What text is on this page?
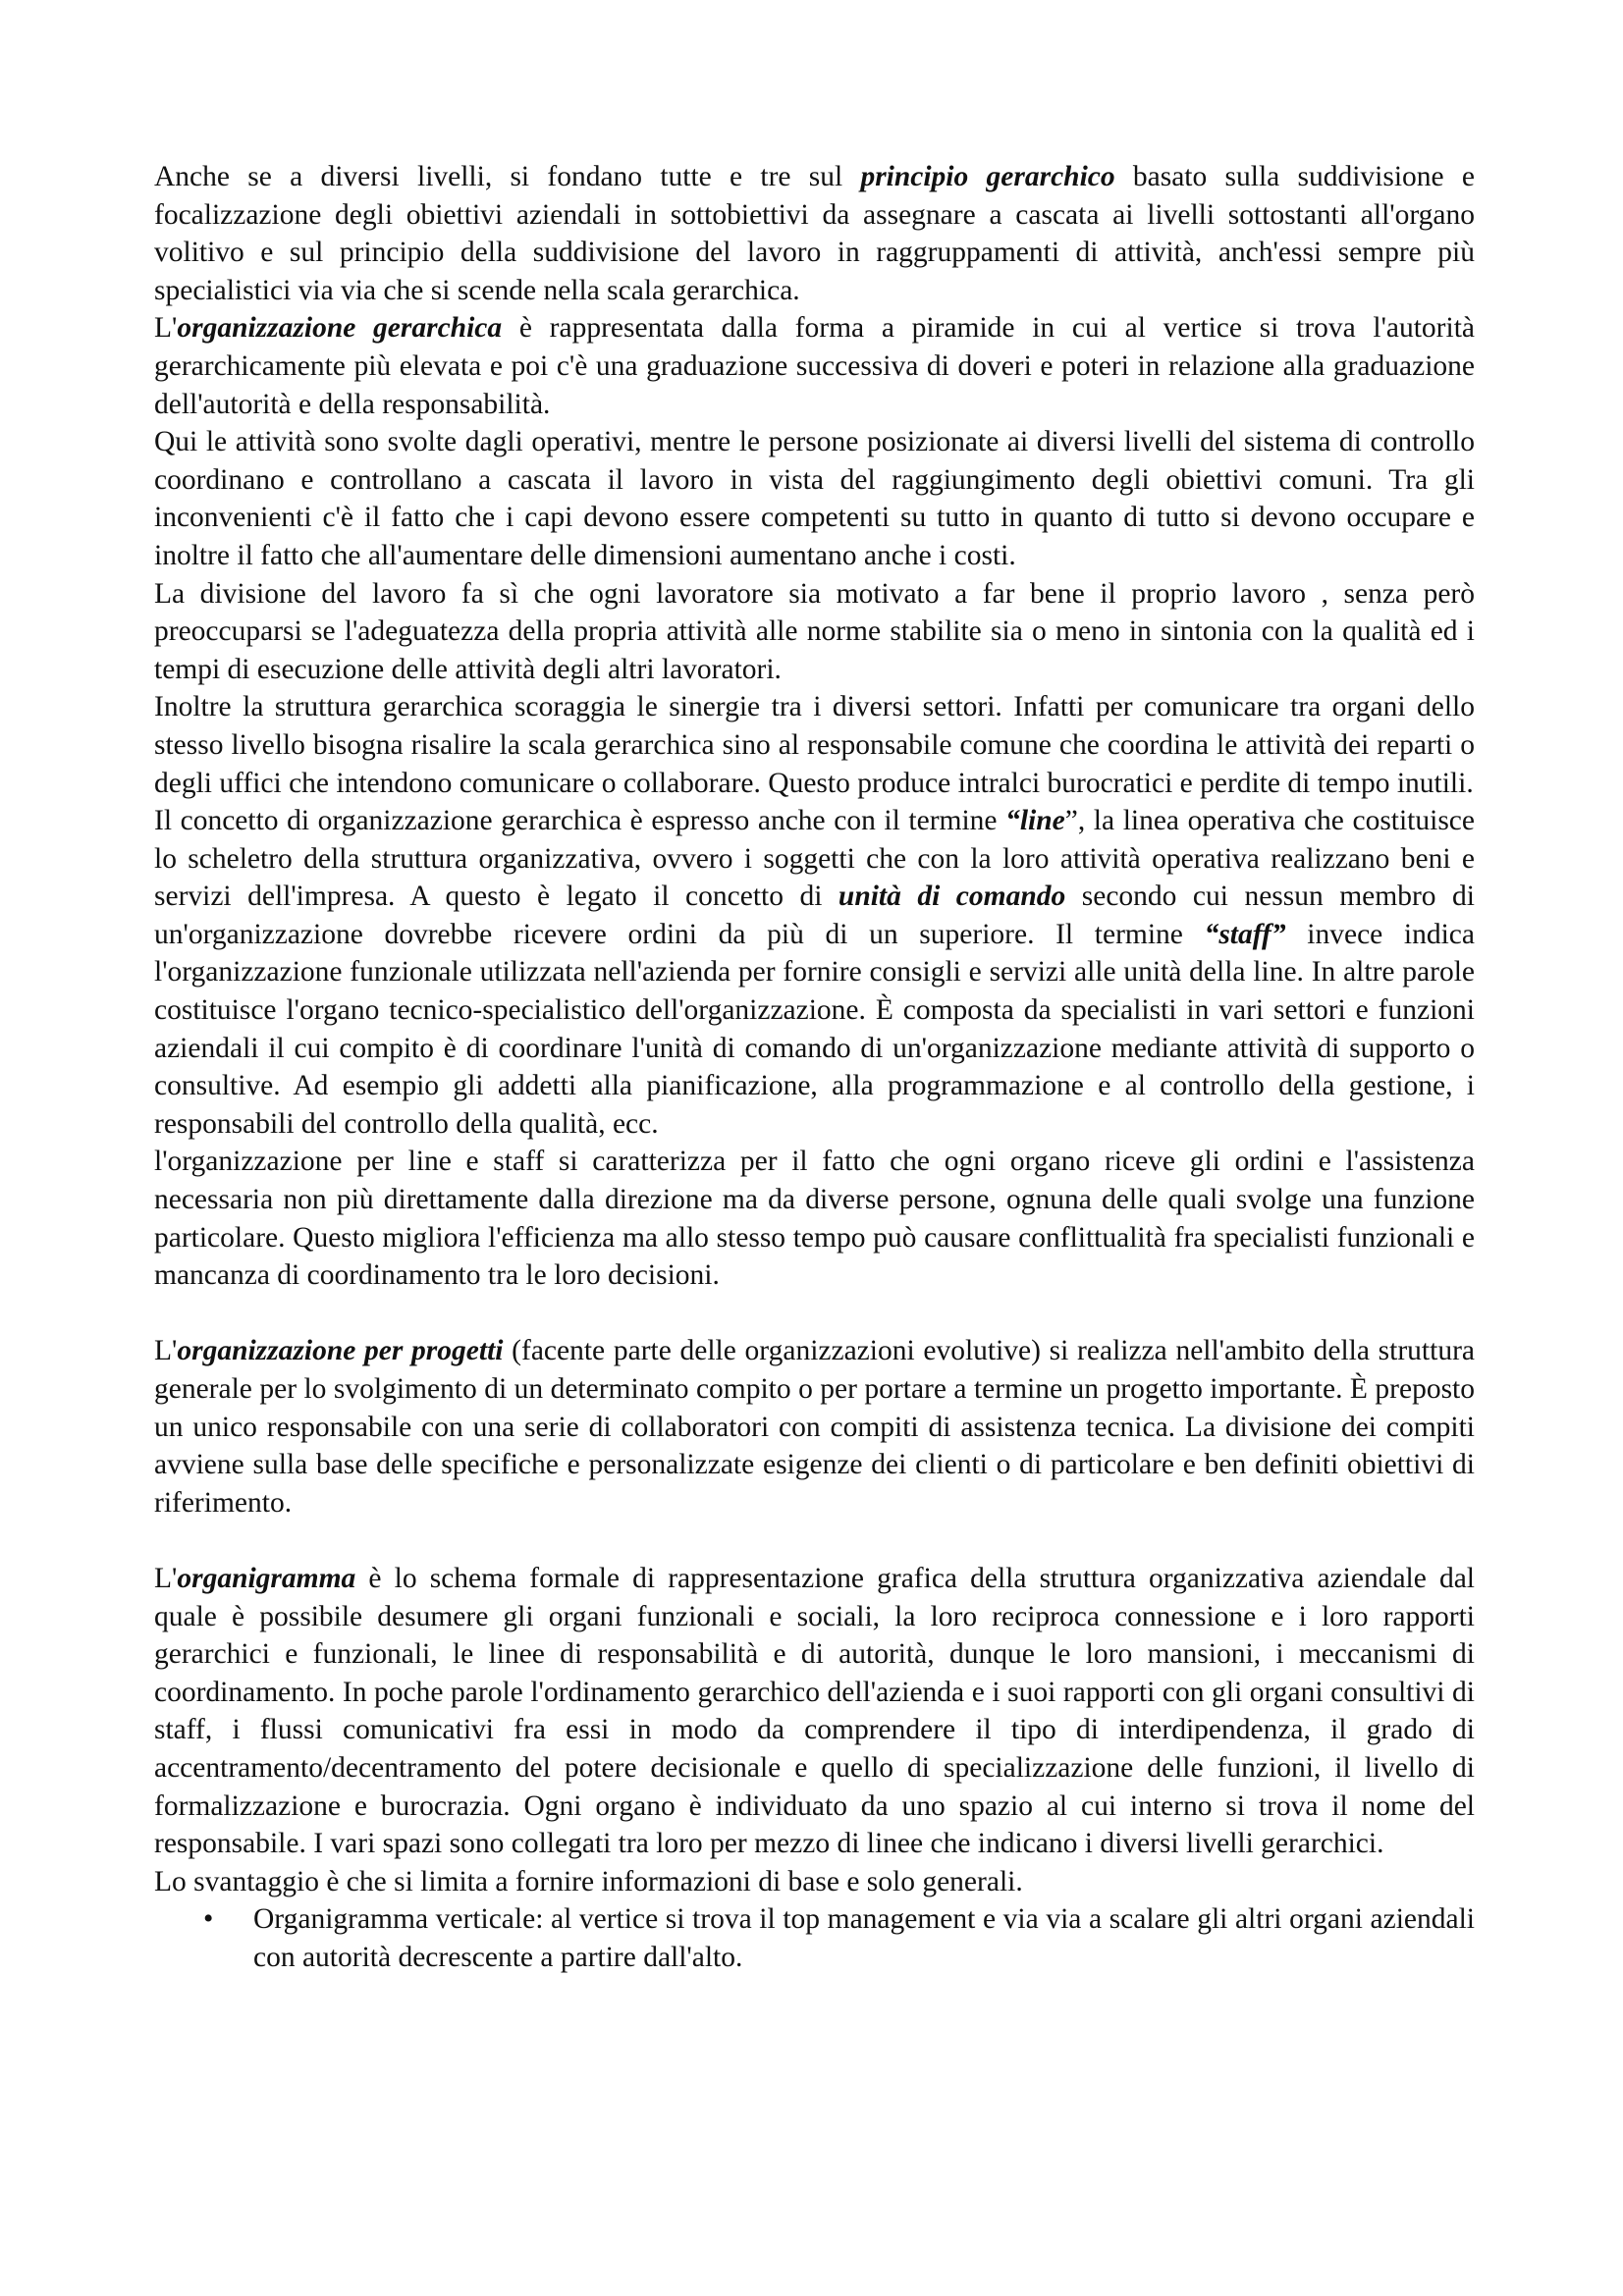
Anche se a diversi livelli, si fondano tutte e tre sul principio gerarchico basato sulla suddivisione e focalizzazione degli obiettivi aziendali in sottobiettivi da assegnare a cascata ai livelli sottostanti all'organo volitivo e sul principio della suddivisione del lavoro in raggruppamenti di attività, anch'essi sempre più specialistici via via che si scende nella scala gerarchica.

L'organizzazione gerarchica è rappresentata dalla forma a piramide in cui al vertice si trova l'autorità gerarchicamente più elevata e poi c'è una graduazione successiva di doveri e poteri in relazione alla graduazione dell'autorità e della responsabilità.

Qui le attività sono svolte dagli operativi, mentre le persone posizionate ai diversi livelli del sistema di controllo coordinano e controllano a cascata il lavoro in vista del raggiungimento degli obiettivi comuni. Tra gli inconvenienti c'è il fatto che i capi devono essere competenti su tutto in quanto di tutto si devono occupare e inoltre il fatto che all'aumentare delle dimensioni aumentano anche i costi.

La divisione del lavoro fa sì che ogni lavoratore sia motivato a far bene il proprio lavoro , senza però preoccuparsi se l'adeguatezza della propria attività alle norme stabilite sia o meno in sintonia con la qualità ed i tempi di esecuzione delle attività degli altri lavoratori.

Inoltre la struttura gerarchica scoraggia le sinergie tra i diversi settori. Infatti per comunicare tra organi dello stesso livello bisogna risalire la scala gerarchica sino al responsabile comune che coordina le attività dei reparti o degli uffici che intendono comunicare o collaborare. Questo produce intralci burocratici e perdite di tempo inutili.

Il concetto di organizzazione gerarchica è espresso anche con il termine “line”, la linea operativa che costituisce lo scheletro della struttura organizzativa, ovvero i soggetti che con la loro attività operativa realizzano beni e servizi dell'impresa. A questo è legato il concetto di unità di comando secondo cui nessun membro di un'organizzazione dovrebbe ricevere ordini da più di un superiore. Il termine “staff” invece indica l'organizzazione funzionale utilizzata nell'azienda per fornire consigli e servizi alle unità della line. In altre parole costituisce l'organo tecnico-specialistico dell'organizzazione. È composta da specialisti in vari settori e funzioni aziendali il cui compito è di coordinare l'unità di comando di un'organizzazione mediante attività di supporto o consultive. Ad esempio gli addetti alla pianificazione, alla programmazione e al controllo della gestione, i responsabili del controllo della qualità, ecc.

l'organizzazione per line e staff si caratterizza per il fatto che ogni organo riceve gli ordini e l'assistenza necessaria non più direttamente dalla direzione ma da diverse persone, ognuna delle quali svolge una funzione particolare. Questo migliora l'efficienza ma allo stesso tempo può causare conflittualità fra specialisti funzionali e mancanza di coordinamento tra le loro decisioni.

L'organizzazione per progetti (facente parte delle organizzazioni evolutive) si realizza nell'ambito della struttura generale per lo svolgimento di un determinato compito o per portare a termine un progetto importante. È preposto un unico responsabile con una serie di collaboratori con compiti di assistenza tecnica. La divisione dei compiti avviene sulla base delle specifiche e personalizzate esigenze dei clienti o di particolare e ben definiti obiettivi di riferimento.

L'organigramma è lo schema formale di rappresentazione grafica della struttura organizzativa aziendale dal quale è possibile desumere gli organi funzionali e sociali, la loro reciproca connessione e i loro rapporti gerarchici e funzionali, le linee di responsabilità e di autorità, dunque le loro mansioni, i meccanismi di coordinamento. In poche parole l'ordinamento gerarchico dell'azienda e i suoi rapporti con gli organi consultivi di staff, i flussi comunicativi fra essi in modo da comprendere il tipo di interdipendenza, il grado di accentramento/decentramento del potere decisionale e quello di specializzazione delle funzioni, il livello di formalizzazione e burocrazia. Ogni organo è individuato da uno spazio al cui interno si trova il nome del responsabile. I vari spazi sono collegati tra loro per mezzo di linee che indicano i diversi livelli gerarchici.

Lo svantaggio è che si limita a fornire informazioni di base e solo generali.

• Organigramma verticale: al vertice si trova il top management e via via a scalare gli altri organi aziendali con autorità decrescente a partire dall'alto.
